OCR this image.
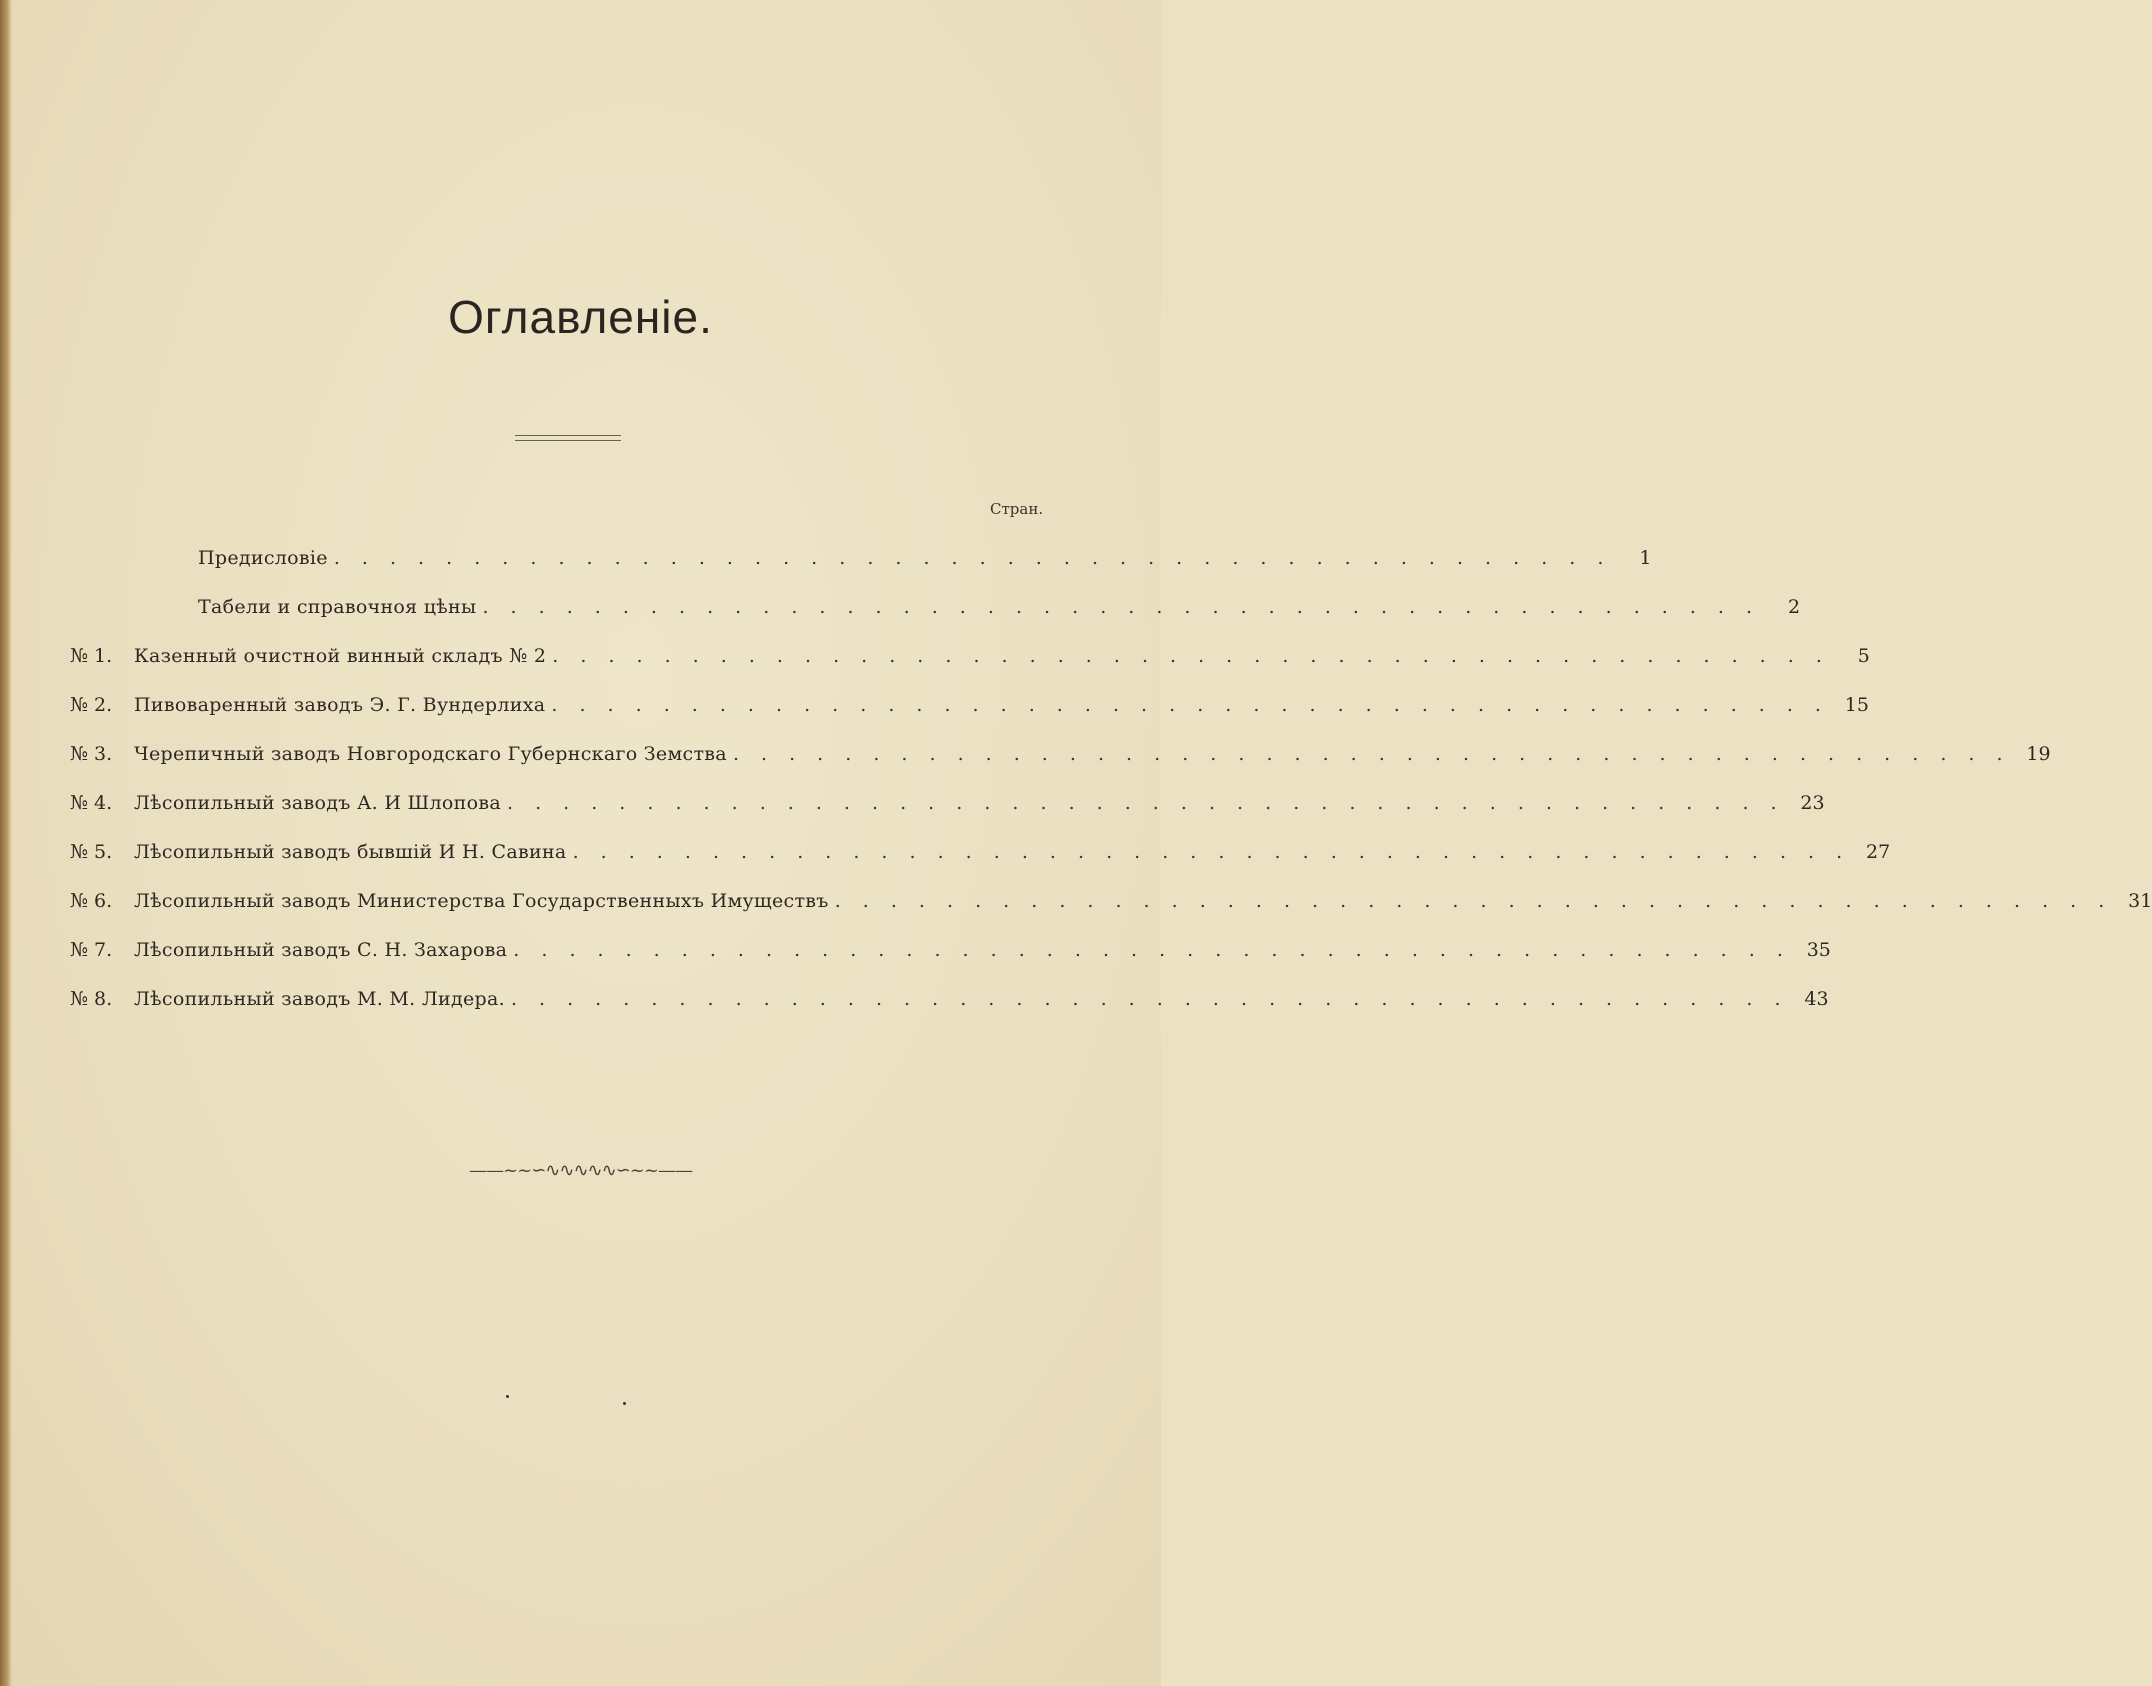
Оглавленіе.
Стран.
Предисловіе . . . . . . . . . . . . . . . . . . . . . . . . . . . . . . . . . . . . . . . . . . . . . .	1
Табели и справочноя цѣны . . . . . . . . . . . . . . . . . . . . . . . . . . . . . . . . . . . . . . . . . . . . . .	2
№ 1.	Казенный очистной винный складъ № 2 . . . . . . . . . . . . . . . . . . . . . . . . . . . . . . . . . . . . . . . . . . . . . .	5
№ 2.	Пивоваренный заводъ Э. Г. Вундерлиха . . . . . . . . . . . . . . . . . . . . . . . . . . . . . . . . . . . . . . . . . . . . . . 15
№ 3.	Черепичный заводъ Новгородскаго Губернскаго Земства . . . . . . . . . . . . . . . . . . . . . . . . . . . . . . . . . . . . . . . . . . . . . . 19
№ 4.	Лѣсопильный заводъ А. И Шлопова . . . . . . . . . . . . . . . . . . . . . . . . . . . . . . . . . . . . . . . . . . . . . . 23
№ 5.	Лѣсопильный заводъ бывшій И Н. Савина . . . . . . . . . . . . . . . . . . . . . . . . . . . . . . . . . . . . . . . . . . . . . . 27
№ 6.	Лѣсопильный заводъ Министерства Государственныхъ Имуществъ . . . . . . . . . . . . . . . . . . . . . . . . . . . . . . . . . . . . . . . . . . . . . . 31
№ 7.	Лѣсопильный заводъ С. Н. Захарова . . . . . . . . . . . . . . . . . . . . . . . . . . . . . . . . . . . . . . . . . . . . . . 35
№ 8.	Лѣсопильный заводъ М. М. Лидера. . . . . . . . . . . . . . . . . . . . . . . . . . . . . . . . . . . . . . . . . . . . . . . 43
——~~∽∿∿∿∿∿∽~~——
